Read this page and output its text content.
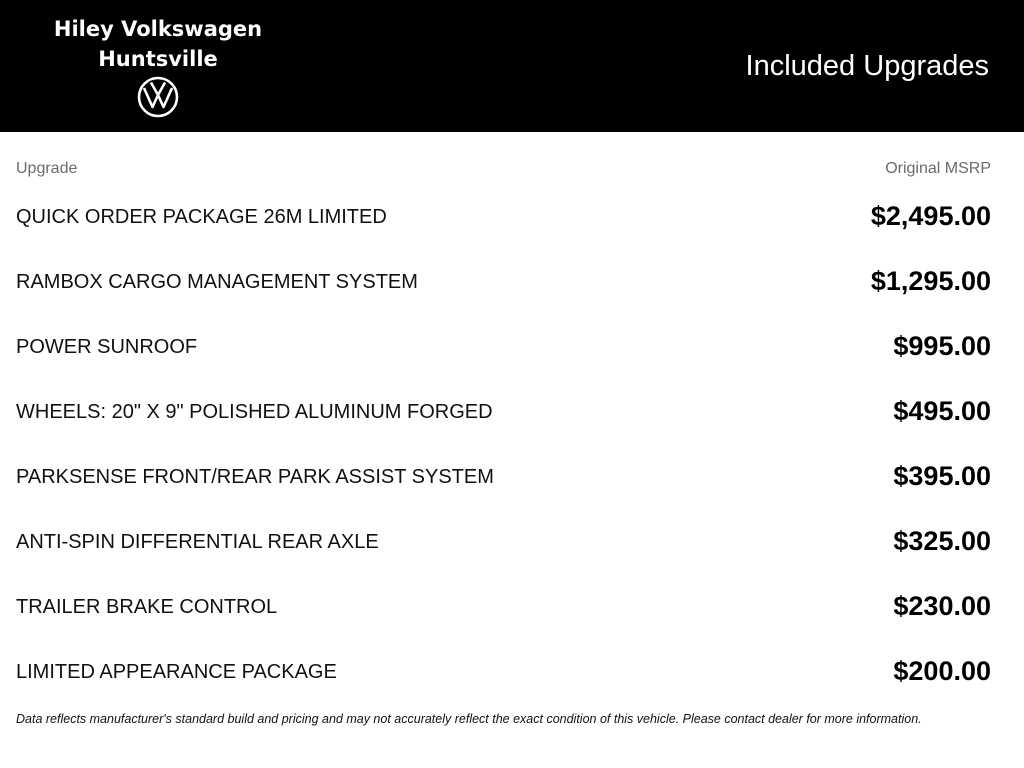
Hiley Volkswagen
Huntsville	Included Upgrades
Upgrade	Original MSRP
QUICK ORDER PACKAGE 26M LIMITED	$2,495.00
RAMBOX CARGO MANAGEMENT SYSTEM	$1,295.00
POWER SUNROOF	$995.00
WHEELS: 20" X 9" POLISHED ALUMINUM FORGED	$495.00
PARKSENSE FRONT/REAR PARK ASSIST SYSTEM	$395.00
ANTI-SPIN DIFFERENTIAL REAR AXLE	$325.00
TRAILER BRAKE CONTROL	$230.00
LIMITED APPEARANCE PACKAGE	$200.00
Data reflects manufacturer's standard build and pricing and may not accurately reflect the exact condition of this vehicle. Please contact dealer for more information.
